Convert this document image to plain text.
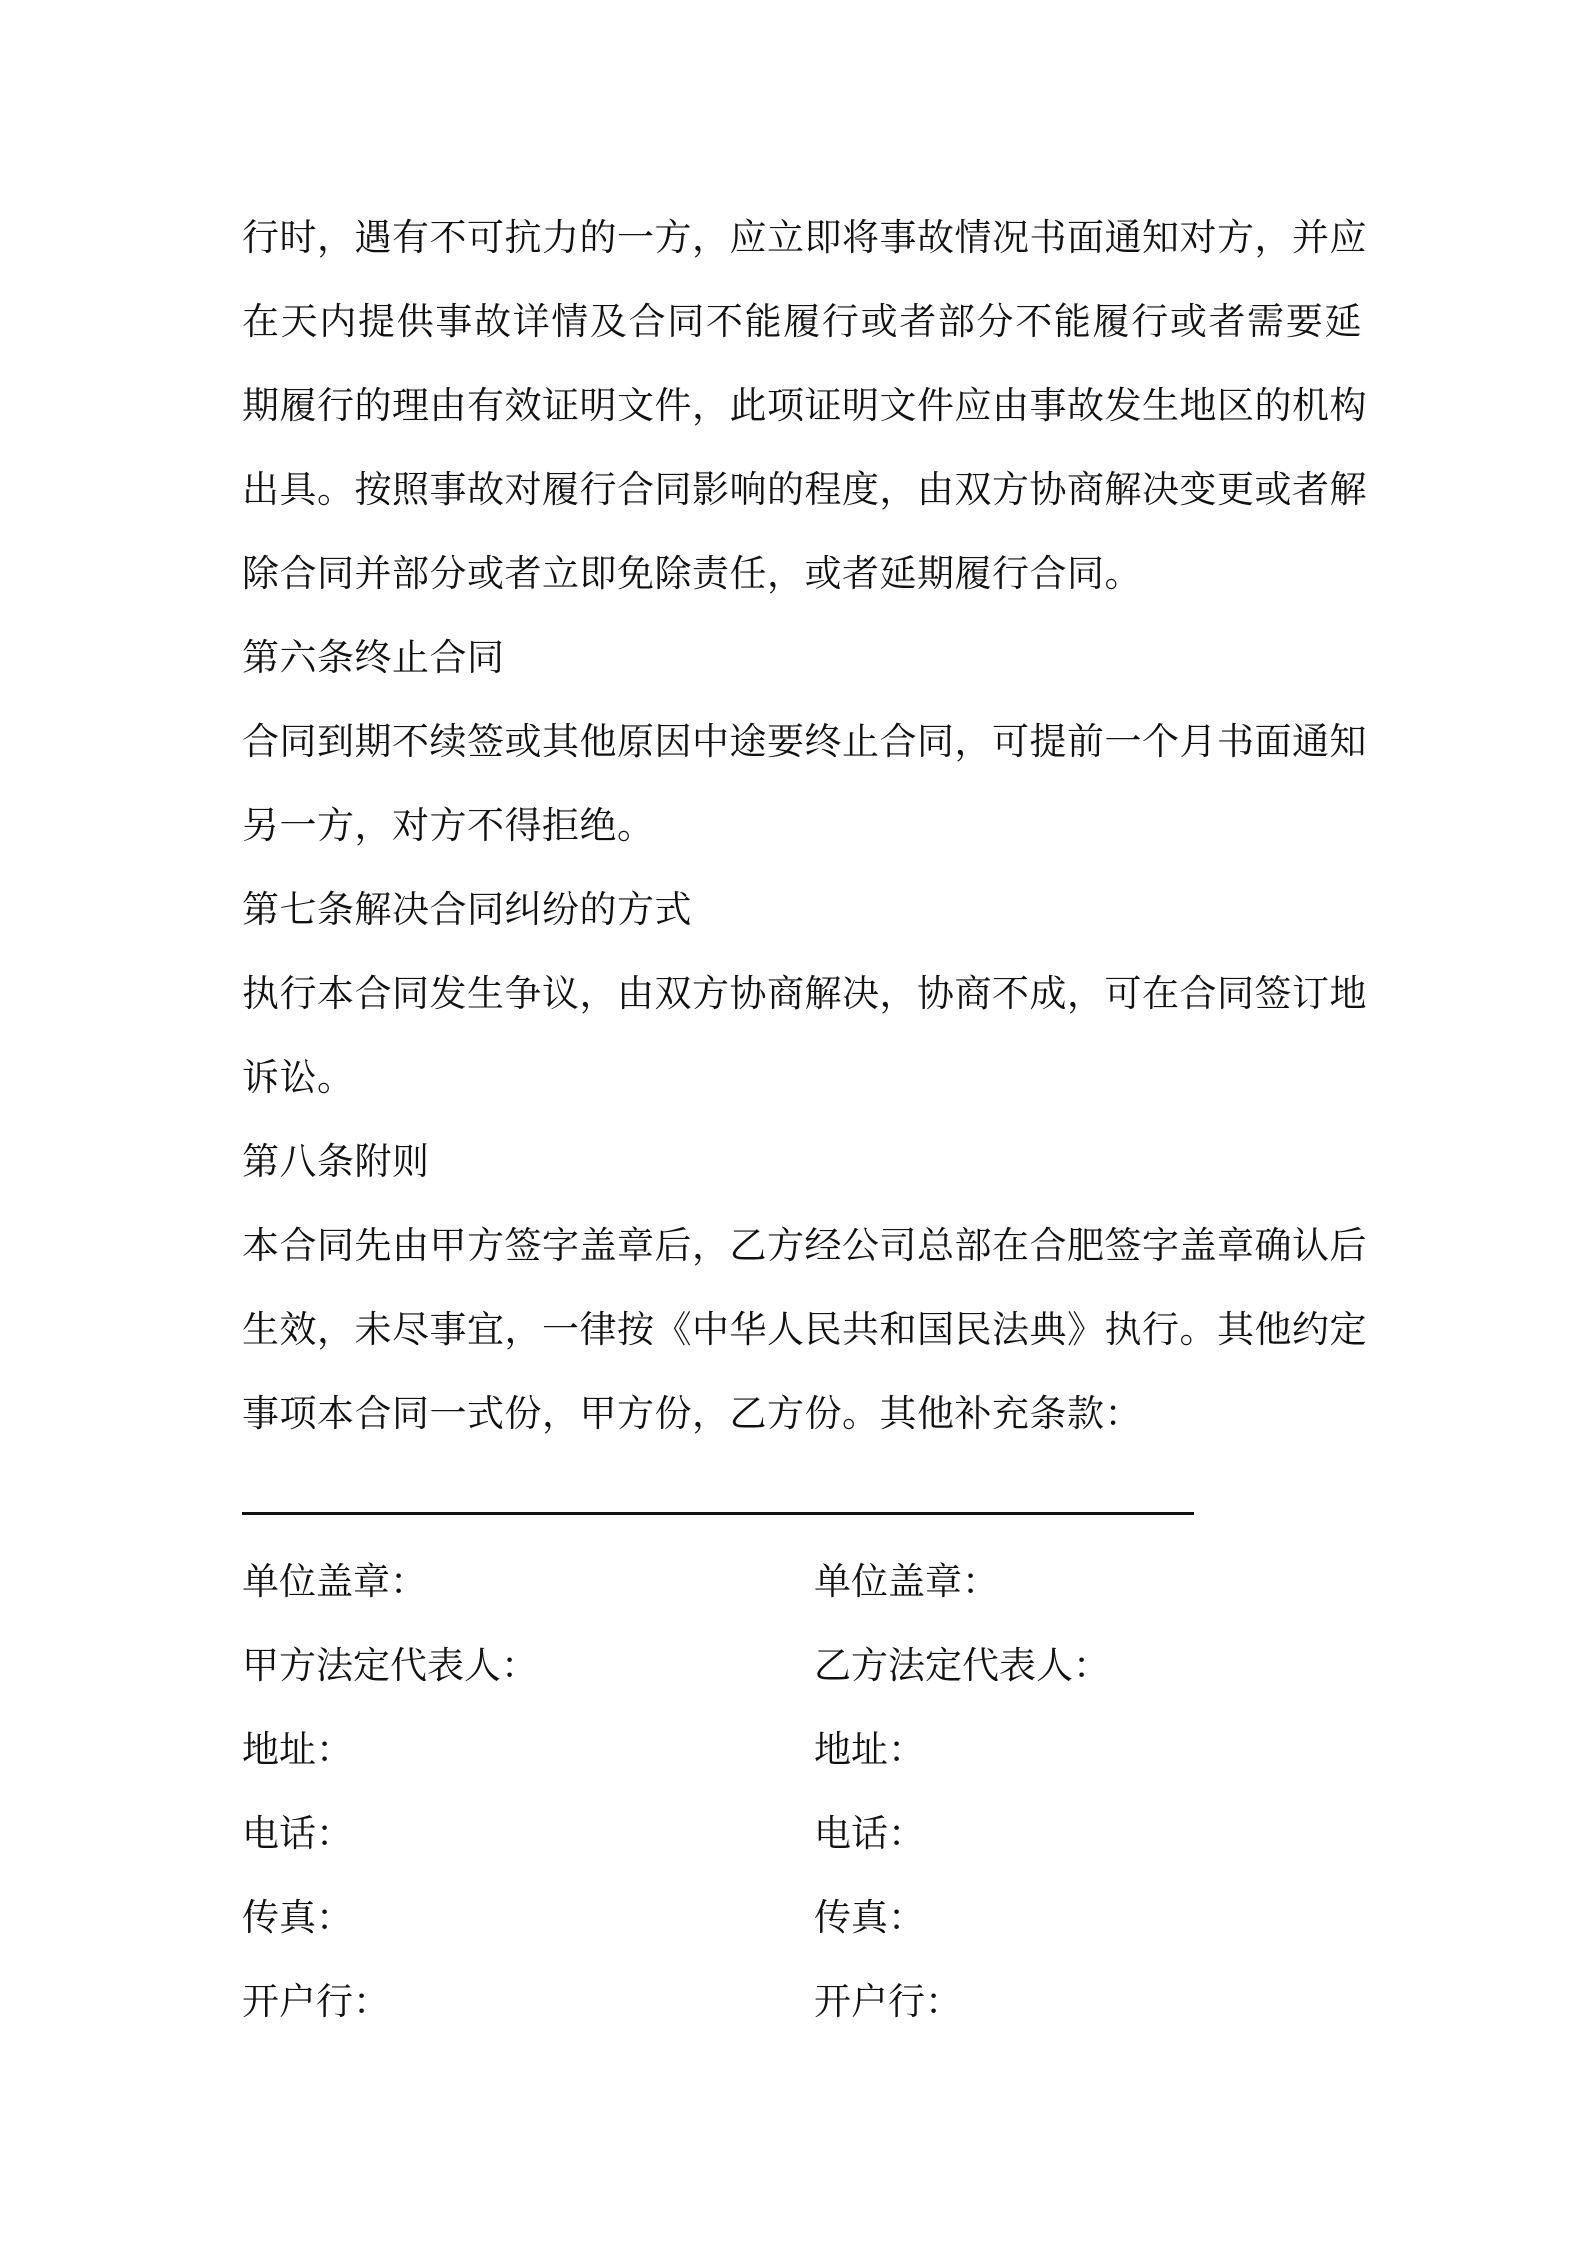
行时，遇有不可抗力的一方，应立即将事故情况书面通知对方，并应
在天内提供事故详情及合同不能履行或者部分不能履行或者需要延
期履行的理由有效证明文件，此项证明文件应由事故发生地区的机构
出具。按照事故对履行合同影响的程度，由双方协商解决变更或者解
除合同并部分或者立即免除责任，或者延期履行合同。
第六条终止合同
合同到期不续签或其他原因中途要终止合同，可提前一个月书面通知
另一方，对方不得拒绝。
第七条解决合同纠纷的方式
执行本合同发生争议，由双方协商解决，协商不成，可在合同签订地
诉讼。
第八条附则
本合同先由甲方签字盖章后，乙方经公司总部在合肥签字盖章确认后
生效，未尽事宜，一律按《中华人民共和国民法典》执行。其他约定
事项本合同一式份，甲方份，乙方份。其他补充条款：
单位盖章：	单位盖章：
甲方法定代表人：	乙方法定代表人：
地址：	地址：
电话：	电话：
传真：	传真：
开户行：	开户行：
